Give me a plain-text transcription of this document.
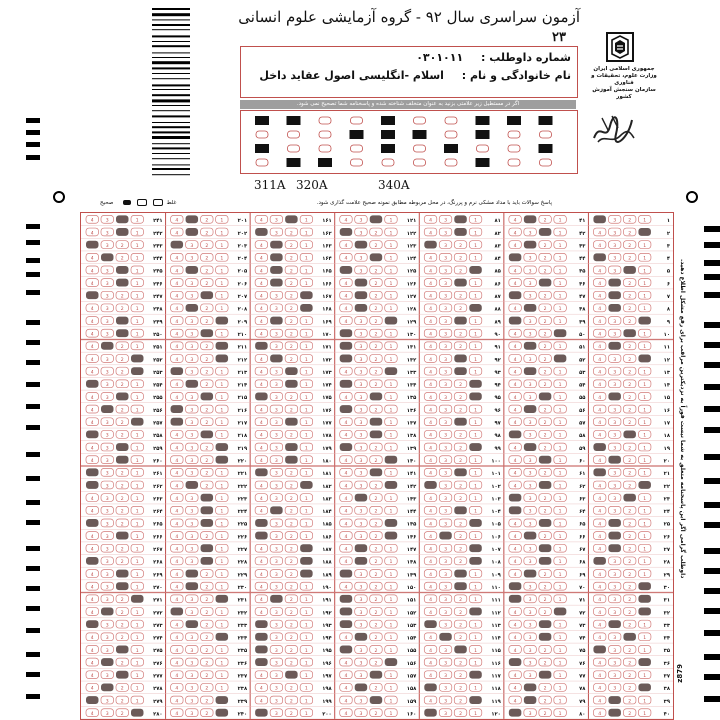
آزمون سراسری سال ۹۲ - گروه آزمایشی علوم انسانی
۲۳
شماره داوطلب : ۰۳۰۱۰۱۱
نام خانوادگی و نام : اسلام -انگلیسی اصول عقاید داخل	جمهوری اسلامی ایران
وزارت علوم، تحقیقات و فناوری
سازمان سنجش آموزش کشور
اگر در مستطیل زیر علامتی بزنید به عنوان متخلف شناخته شده و پاسخنامه شما تصحیح نمی شود.
311A 320A	340A
پاسخ سوالات باید با مداد مشکی نرم و پررنگ، در محل مربوطه مطابق نمونه صحیح علامت گذاری شود.
غلط    صحیح
۲۴۱
4	3	1
۲۴۲
4	3	1
۲۴۳
3	2	1
۲۴۴
4	2	1
۲۴۵
4	3	1
۲۴۶
4	3	1
۲۴۷
3	2	1
۲۴۸
4	3	2	1
۲۴۹
4	3	1
۲۵۰
4	3	1
۲۵۱
4	2	1
۲۵۲
4	3	2
۲۵۳
4	3	2
۲۵۴
3	2	1
۲۵۵
4	3	1
۲۵۶
4	2	1
۲۵۷
4	3	2
۲۵۸
3	2	1
۲۵۹
4	3	1
۲۶۰
4	3	1
۲۶۱
3	2	1
۲۶۲
3	2	1
۲۶۳
4	3	2	1
۲۶۴
4	3	2	1
۲۶۵
3	2	1
۲۶۶
4	3	1
۲۶۷
4	3	2	1
۲۶۸
3	2	1
۲۶۹
4	3	1
۲۷۰
4	3	1
۲۷۱
4	3	2
۲۷۲
4	2	1
۲۷۳
3	2	1
۲۷۴
4	3	2	1
۲۷۵
4	3	1
۲۷۶
4	2	1
۲۷۷
4	3	1
۲۷۸
4	2	1
۲۷۹
3	2	1
۲۸۰
4	3	2
۲۰۱
4	2	1
۲۰۲
4	2	1
۲۰۳
3	2	1
۲۰۴
4	3	2	1
۲۰۵
4	2	1
۲۰۶
4	3	2	1
۲۰۷
4	3	1
۲۰۸
4	2	1
۲۰۹
4	3	2
۲۱۰
4	3	1
۲۱۱
4	3	2
۲۱۲
4	3	2
۲۱۳
3	2	1
۲۱۴
4	2	1
۲۱۵
4	3	1
۲۱۶
3	2	1
۲۱۷
3	2	1
۲۱۸
4	3	1
۲۱۹
4	3	2
۲۲۰
4	3	2
۲۲۱
4	3	2	1
۲۲۲
4	2	1
۲۲۳
4	3	1
۲۲۴
4	3	1
۲۲۵
4	3	1
۲۲۶
4	3	2	1
۲۲۷
4	3	1
۲۲۸
4	3	1
۲۲۹
4	2	1
۲۳۰
4	2	1
۲۳۱
4	3	2
۲۳۲
3	2	1
۲۳۳
4	2	1
۲۳۴
4	3	2
۲۳۵
4	3	2	1
۲۳۶
4	3	2	1
۲۳۷
4	3	2	1
۲۳۸
4	3	2	1
۲۳۹
4	3	2
۲۴۰
4	3	2
۱۶۱
4	3	1
۱۶۲
3	2	1
۱۶۳
4	2	1
۱۶۴
4	2	1
۱۶۵
4	2	1
۱۶۶
4	2	1
۱۶۷
4	3	2
۱۶۸
4	3	2
۱۶۹
4	2	1
۱۷۰
4	3	2	1
۱۷۱
3	2	1
۱۷۲
4	2	1
۱۷۳
4	3	1
۱۷۴
4	3	1
۱۷۵
3	2	1
۱۷۶
4	3	2	1
۱۷۷
4	3	1
۱۷۸
4	3	2	1
۱۷۹
4	3	1
۱۸۰
4	3	1
۱۸۱
3	2	1
۱۸۲
4	3	2
۱۸۳
4	3	2	1
۱۸۴
4	2	1
۱۸۵
3	2	1
۱۸۶
3	2	1
۱۸۷
4	3	2
۱۸۸
4	3	2
۱۸۹
4	3	2
۱۹۰
4	3	2	1
۱۹۱
4	2	1
۱۹۲
4	3	2	1
۱۹۳
3	2	1
۱۹۴
3	2	1
۱۹۵
3	2	1
۱۹۶
3	2	1
۱۹۷
4	3	1
۱۹۸
4	3	2	1
۱۹۹
4	3	2	1
۲۰۰
3	2	1
۱۲۱
4	3	1
۱۲۲
3	2	1
۱۲۳
4	2	1
۱۲۴
4	3	1
۱۲۵
3	2	1
۱۲۶
4	2	1
۱۲۷
4	2	1
۱۲۸
4	2	1
۱۲۹
4	3	2
۱۳۰
3	2	1
۱۳۱
3	2	1
۱۳۲
3	2	1
۱۳۳
4	3	2
۱۳۴
3	2	1
۱۳۵
4	3	1
۱۳۶
3	2	1
۱۳۷
4	3	1
۱۳۸
4	3	1
۱۳۹
3	2	1
۱۴۰
4	3	2
۱۴۱
4	3	1
۱۴۲
4	3	2
۱۴۳
4	2	1
۱۴۴
4	3	2	1
۱۴۵
4	3	2
۱۴۶
4	3	2
۱۴۷
4	2	1
۱۴۸
4	2	1
۱۴۹
3	2	1
۱۵۰
4	3	2	1
۱۵۱
3	2	1
۱۵۲
3	2	1
۱۵۳
3	2	1
۱۵۴
4	2	1
۱۵۵
3	2	1
۱۵۶
4	3	2
۱۵۷
4	3	1
۱۵۸
4	2	1
۱۵۹
4	3	1
۱۶۰
4	3	2	1
۸۱
4	3	1
۸۲
4	3	1
۸۳
3	2	1
۸۴
4	3	2	1
۸۵
4	3	2
۸۶
4	3	1
۸۷
4	3	2	1
۸۸
4	3	2
۸۹
4	3	1
۹۰
4	3	2	1
۹۱
4	3	2	1
۹۲
4	3	1
۹۳
4	3	1
۹۴
4	3	2
۹۵
4	3	2
۹۶
4	3	2	1
۹۷
4	3	1
۹۸
4	3	2	1
۹۹
4	3	2
۱۰۰
4	3	2	1
۱۰۱
4	3	1
۱۰۲
3	2	1
۱۰۳
4	3	2	1
۱۰۴
4	3	1
۱۰۵
4	3	2
۱۰۶
4	2	1
۱۰۷
4	3	2
۱۰۸
4	3	2
۱۰۹
4	3	1
۱۱۰
4	3	1
۱۱۱
4	3	2	1
۱۱۲
4	3	2
۱۱۳
3	2	1
۱۱۴
4	2	1
۱۱۵
4	3	1
۱۱۶
4	3	2	1
۱۱۷
4	3	2
۱۱۸
3	2	1
۱۱۹
4	3	2
۱۲۰
3	2	1
۴۱
4	2	1
۴۲
4	3	1
۴۳
4	2	1
۴۴
3	2	1
۴۵
4	3	2	1
۴۶
4	3	1
۴۷
3	2	1
۴۸
4	2	1
۴۹
3	2	1
۵۰
4	3	2
۵۱
4	2	1
۵۲
4	3	2
۵۳
4	2	1
۵۴
4	3	2	1
۵۵
4	3	1
۵۶
4	2	1
۵۷
4	3	2	1
۵۸
3	2	1
۵۹
4	2	1
۶۰
4	3	1
۶۱
4	3	2	1
۶۲
4	3	1
۶۳
3	2	1
۶۴
3	2	1
۶۵
4	3	1
۶۶
4	2	1
۶۷
4	3	1
۶۸
4	3	1
۶۹
4	2	1
۷۰
3	2	1
۷۱
3	2	1
۷۲
4	3	2
۷۳
4	3	1
۷۴
4	3	1
۷۵
4	3	2	1
۷۶
3	2	1
۷۷
4	3	1
۷۸
4	2	1
۷۹
4	2	1
۸۰
3	2	1
۱
3	2	1
۲
4	3	2
۳
4	3	2	1
۴
3	2	1
۵
4	3	1
۶
4	2	1
۷
4	2	1
۸
4	2	1
۹
4	3	2
۱۰
4	3	1
۱۱
4	2	1
۱۲
4	3	2
۱۳
4	3	2	1
۱۴
4	3	2	1
۱۵
4	2	1
۱۶
4	3	2	1
۱۷
4	3	2	1
۱۸
4	3	1
۱۹
3	2	1
۲۰
4	2	1
۲۱
3	2	1
۲۲
4	3	2
۲۳
4	3	1
۲۴
4	3	2	1
۲۵
4	2	1
۲۶
4	2	1
۲۷
4	2	1
۲۸
3	2	1
۲۹
4	3	2	1
۳۰
4	3	2
۳۱
4	3	2
۳۲
4	3	2
۳۳
4	2	1
۳۴
4	3	1
۳۵
3	2	1
۳۶
4	3	2
۳۷
4	3	2	1
۳۸
4	3	2
۳۹
4	2	1
۴۰
4	2	1
داوطلب گرامی اگر این پاسخنامه متعلق به شما نیست فوراً به نزدیکترین مراقب برای رفع مشکل اطلاع دهید.
z879
